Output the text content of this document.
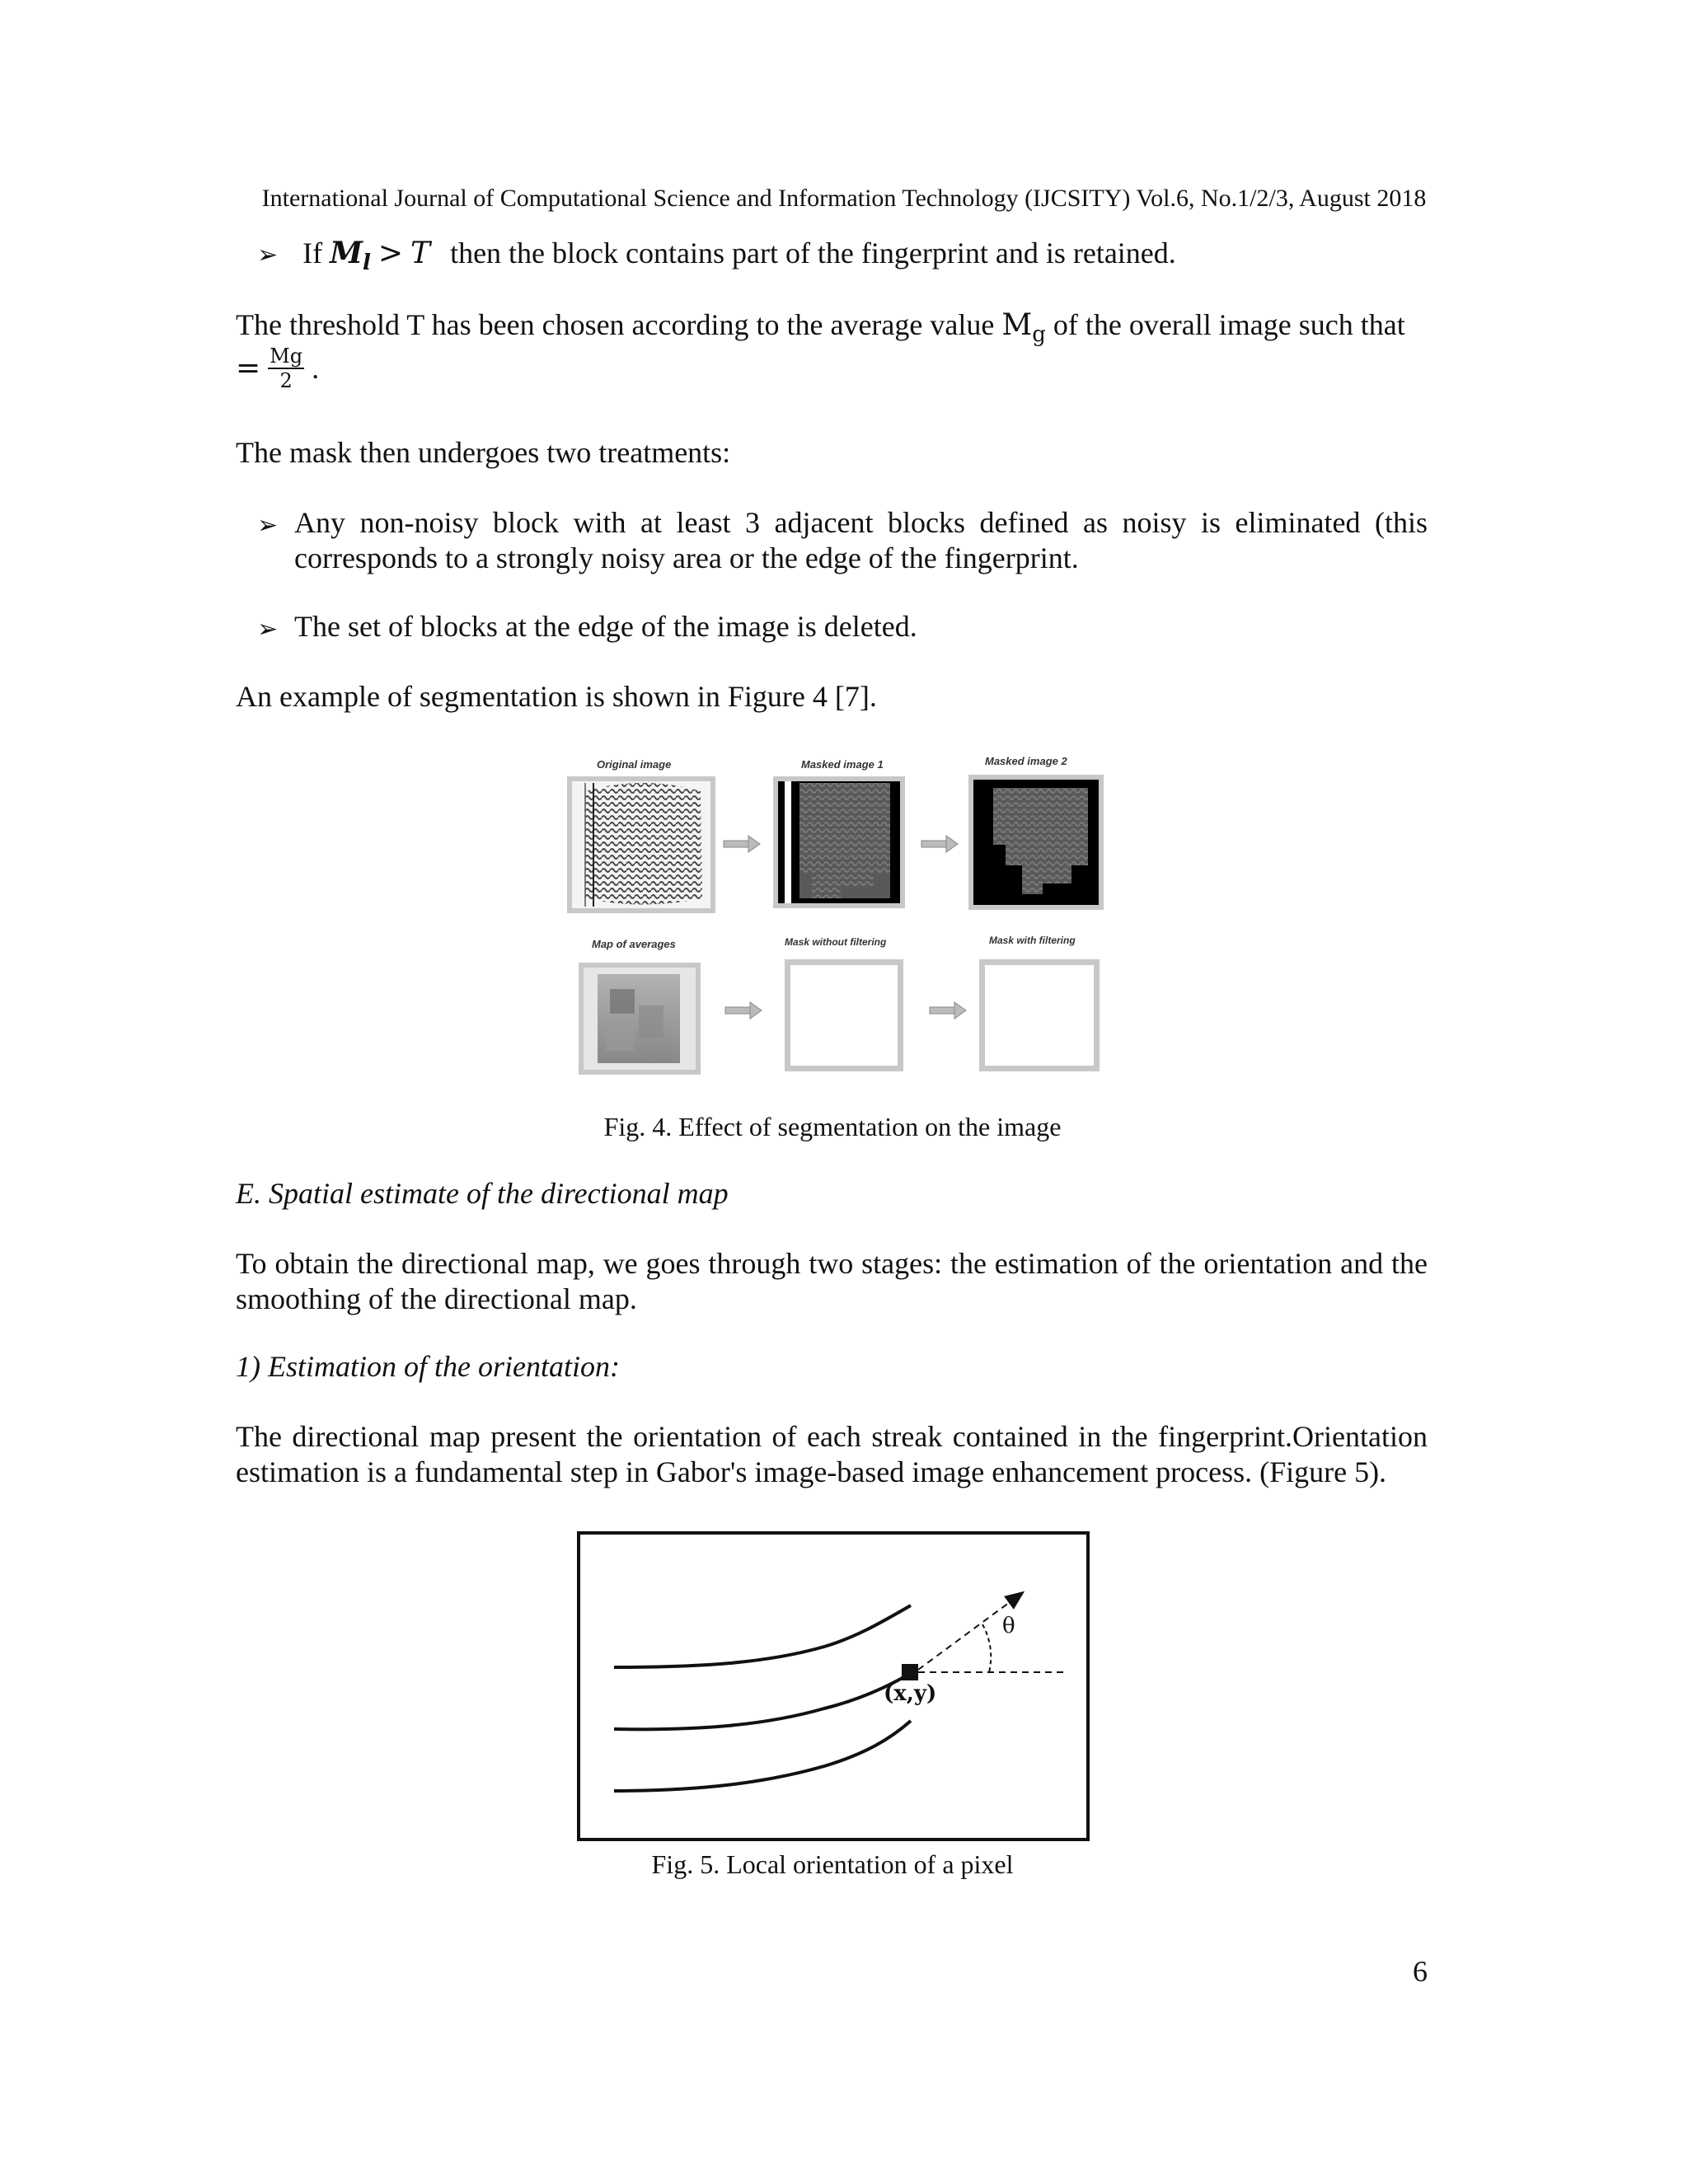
International Journal of Computational Science and Information Technology (IJCSITY) Vol.6, No.1/2/3, August 2018
➢ If $M_l > T$ then the block contains part of the fingerprint and is retained.
The threshold T has been chosen according to the average value $M_g$ of the overall image such that
= $\frac{Mg}{2}$ .
The mask then undergoes two treatments:
➢ Any non-noisy block with at least 3 adjacent blocks defined as noisy is eliminated (this corresponds to a strongly noisy area or the edge of the fingerprint.
➢ The set of blocks at the edge of the image is deleted.
An example of segmentation is shown in Figure 4 [7].
Original image	Masked image 1	Masked image 2
Map of averages	Mask without filtering	Mask with filtering
Fig. 4. Effect of segmentation on the image
E. Spatial estimate of the directional map
To obtain the directional map, we goes through two stages: the estimation of the orientation and the smoothing of the directional map.
1) Estimation of the orientation:
The directional map present the orientation of each streak contained in the fingerprint.Orientation estimation is a fundamental step in Gabor's image-based image enhancement process. (Figure 5).
θ
(x,y)
Fig. 5. Local orientation of a pixel
6
